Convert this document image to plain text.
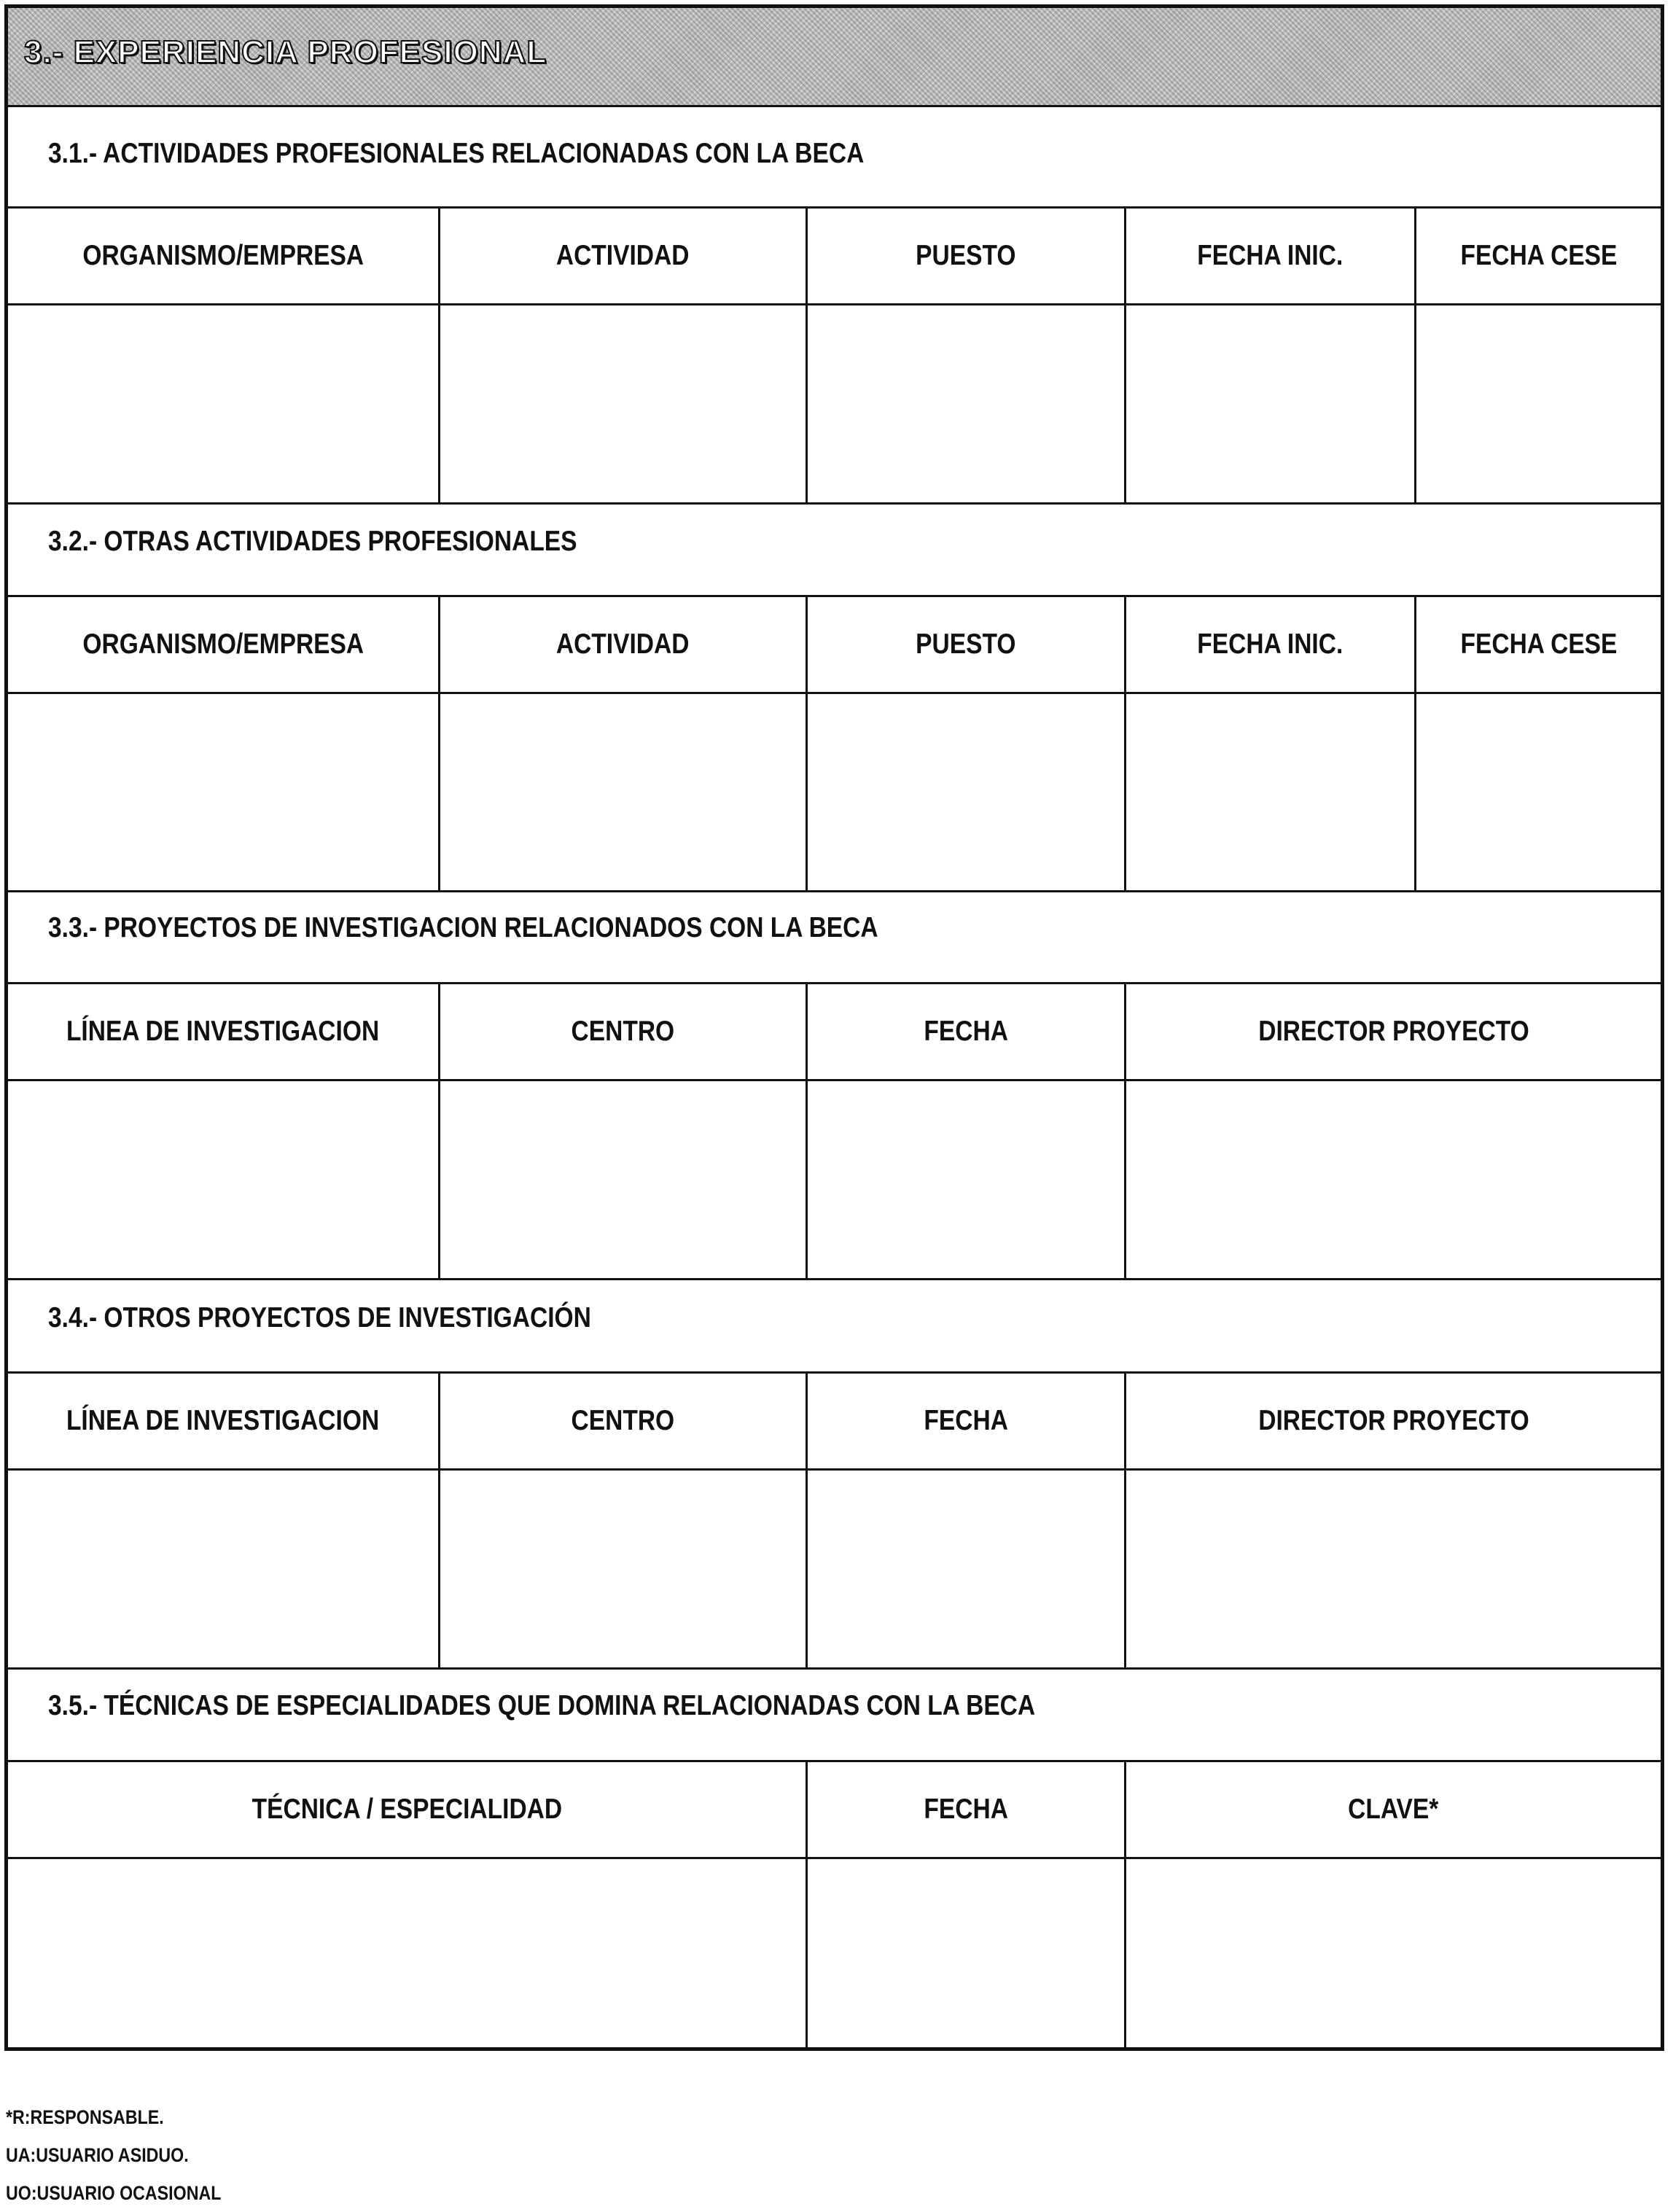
3.- EXPERIENCIA PROFESIONAL
3.1.- ACTIVIDADES PROFESIONALES RELACIONADAS CON LA BECA
ORGANISMO/EMPRESA	ACTIVIDAD	PUESTO	FECHA INIC.	FECHA CESE
3.2.- OTRAS ACTIVIDADES PROFESIONALES
ORGANISMO/EMPRESA	ACTIVIDAD	PUESTO	FECHA INIC.	FECHA CESE
3.3.- PROYECTOS DE INVESTIGACION RELACIONADOS CON LA BECA
LÍNEA DE INVESTIGACION	CENTRO	FECHA	DIRECTOR PROYECTO
3.4.- OTROS PROYECTOS DE INVESTIGACIÓN
LÍNEA DE INVESTIGACION	CENTRO	FECHA	DIRECTOR PROYECTO
3.5.- TÉCNICAS DE ESPECIALIDADES QUE DOMINA RELACIONADAS CON LA BECA
TÉCNICA / ESPECIALIDAD	FECHA	CLAVE*
*R:RESPONSABLE.
UA:USUARIO ASIDUO.
UO:USUARIO OCASIONAL
